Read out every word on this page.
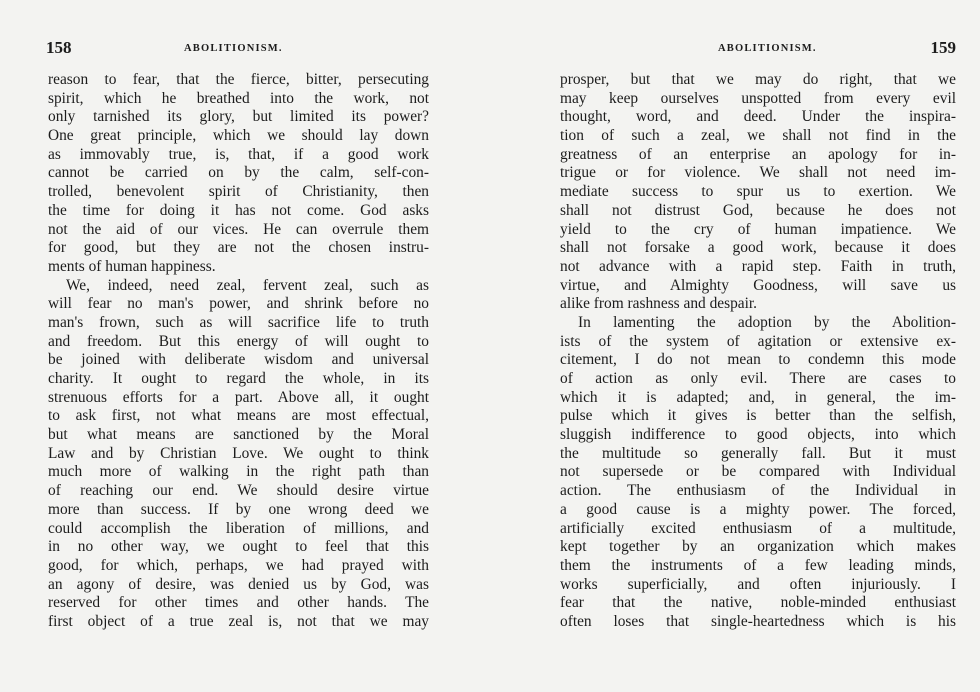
158	ABOLITIONISM.
reason to fear, that the fierce, bitter, persecuting
spirit, which he breathed into the work, not
only tarnished its glory, but limited its power?
One great principle, which we should lay down
as immovably true, is, that, if a good work
cannot be carried on by the calm, self-con-
trolled, benevolent spirit of Christianity, then
the time for doing it has not come. God asks
not the aid of our vices. He can overrule them
for good, but they are not the chosen instru-
ments of human happiness.
We, indeed, need zeal, fervent zeal, such as
will fear no man's power, and shrink before no
man's frown, such as will sacrifice life to truth
and freedom. But this energy of will ought to
be joined with deliberate wisdom and universal
charity. It ought to regard the whole, in its
strenuous efforts for a part. Above all, it ought
to ask first, not what means are most effectual,
but what means are sanctioned by the Moral
Law and by Christian Love. We ought to think
much more of walking in the right path than
of reaching our end. We should desire virtue
more than success. If by one wrong deed we
could accomplish the liberation of millions, and
in no other way, we ought to feel that this
good, for which, perhaps, we had prayed with
an agony of desire, was denied us by God, was
reserved for other times and other hands. The
first object of a true zeal is, not that we may
ABOLITIONISM.	159
prosper, but that we may do right, that we
may keep ourselves unspotted from every evil
thought, word, and deed. Under the inspira-
tion of such a zeal, we shall not find in the
greatness of an enterprise an apology for in-
trigue or for violence. We shall not need im-
mediate success to spur us to exertion. We
shall not distrust God, because he does not
yield to the cry of human impatience. We
shall not forsake a good work, because it does
not advance with a rapid step. Faith in truth,
virtue, and Almighty Goodness, will save us
alike from rashness and despair.
In lamenting the adoption by the Abolition-
ists of the system of agitation or extensive ex-
citement, I do not mean to condemn this mode
of action as only evil. There are cases to
which it is adapted; and, in general, the im-
pulse which it gives is better than the selfish,
sluggish indifference to good objects, into which
the multitude so generally fall. But it must
not supersede or be compared with Individual
action. The enthusiasm of the Individual in
a good cause is a mighty power. The forced,
artificially excited enthusiasm of a multitude,
kept together by an organization which makes
them the instruments of a few leading minds,
works superficially, and often injuriously. I
fear that the native, noble-minded enthusiast
often loses that single-heartedness which is his
